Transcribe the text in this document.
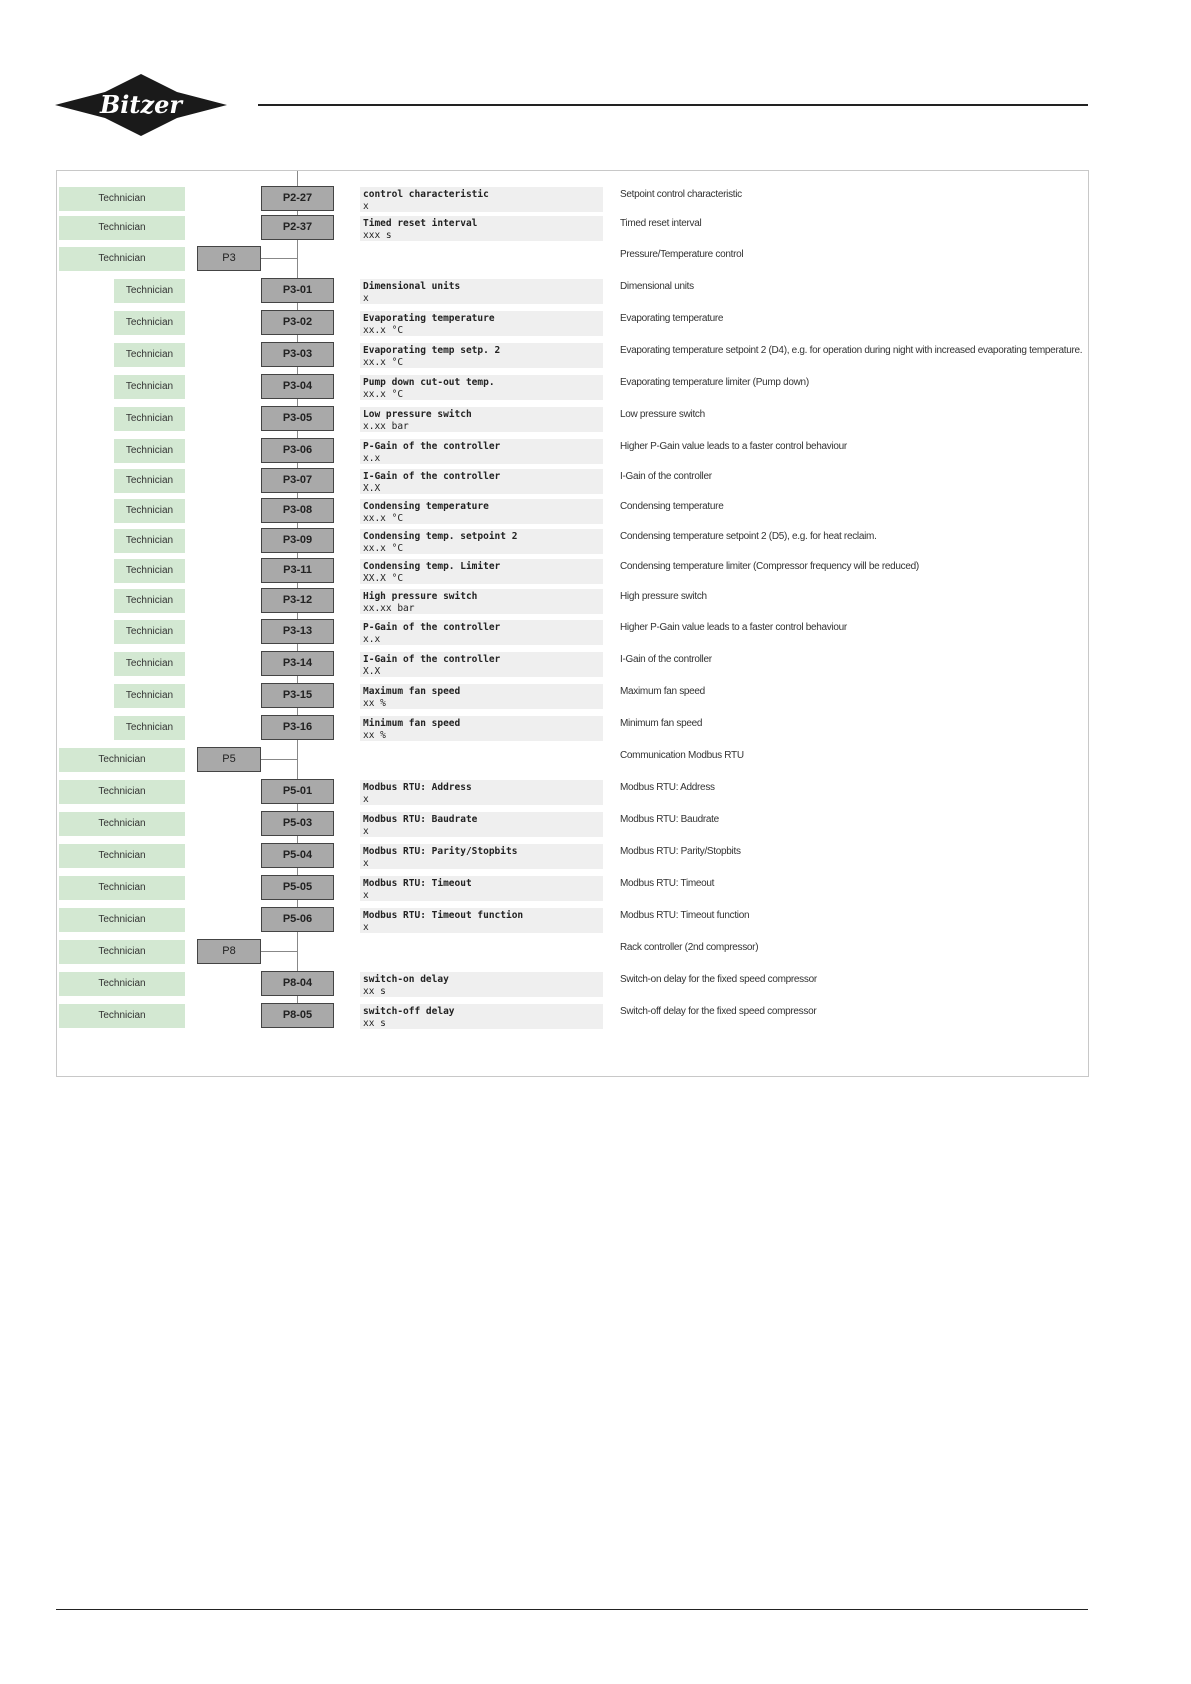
Bitzer
Technician	P2-27	control characteristic
x
Setpoint control characteristic
Technician	P2-37	Timed reset interval
xxx s
Timed reset interval
Technician	P3	Pressure/Temperature control
Technician	P3-01	Dimensional units
x
Dimensional units
Technician	P3-02	Evaporating temperature
xx.x °C
Evaporating temperature
Technician	P3-03	Evaporating temp setp. 2
xx.x °C
Evaporating temperature setpoint 2 (D4), e.g. for operation during night with increased evaporating temperature.
Technician	P3-04	Pump down cut-out temp.
xx.x °C
Evaporating temperature limiter (Pump down)
Technician	P3-05	Low pressure switch
x.xx bar
Low pressure switch
Technician	P3-06	P-Gain of the controller
x.x
Higher P-Gain value leads to a faster control behaviour
Technician	P3-07	I-Gain of the controller
X.X
I-Gain of the controller
Technician	P3-08	Condensing temperature
xx.x °C
Condensing temperature
Technician	P3-09	Condensing temp. setpoint 2
xx.x °C
Condensing temperature setpoint 2 (D5), e.g. for heat reclaim.
Technician	P3-11	Condensing temp. Limiter
XX.X °C
Condensing temperature limiter (Compressor frequency will be reduced)
Technician	P3-12	High pressure switch
xx.xx bar
High pressure switch
Technician	P3-13	P-Gain of the controller
x.x
Higher P-Gain value leads to a faster control behaviour
Technician	P3-14	I-Gain of the controller
X.X
I-Gain of the controller
Technician	P3-15	Maximum fan speed
xx %
Maximum fan speed
Technician	P3-16	Minimum fan speed
xx %
Minimum fan speed
Technician	P5	Communication Modbus RTU
Technician	P5-01	Modbus RTU: Address
x
Modbus RTU: Address
Technician	P5-03	Modbus RTU: Baudrate
x
Modbus RTU: Baudrate
Technician	P5-04	Modbus RTU: Parity/Stopbits
x
Modbus RTU: Parity/Stopbits
Technician	P5-05	Modbus RTU: Timeout
x
Modbus RTU: Timeout
Technician	P5-06	Modbus RTU: Timeout function
x
Modbus RTU: Timeout function
Technician	P8	Rack controller (2nd compressor)
Technician	P8-04	switch-on delay
xx s
Switch-on delay for the fixed speed compressor
Technician	P8-05	switch-off delay
xx s
Switch-off delay for the fixed speed compressor
